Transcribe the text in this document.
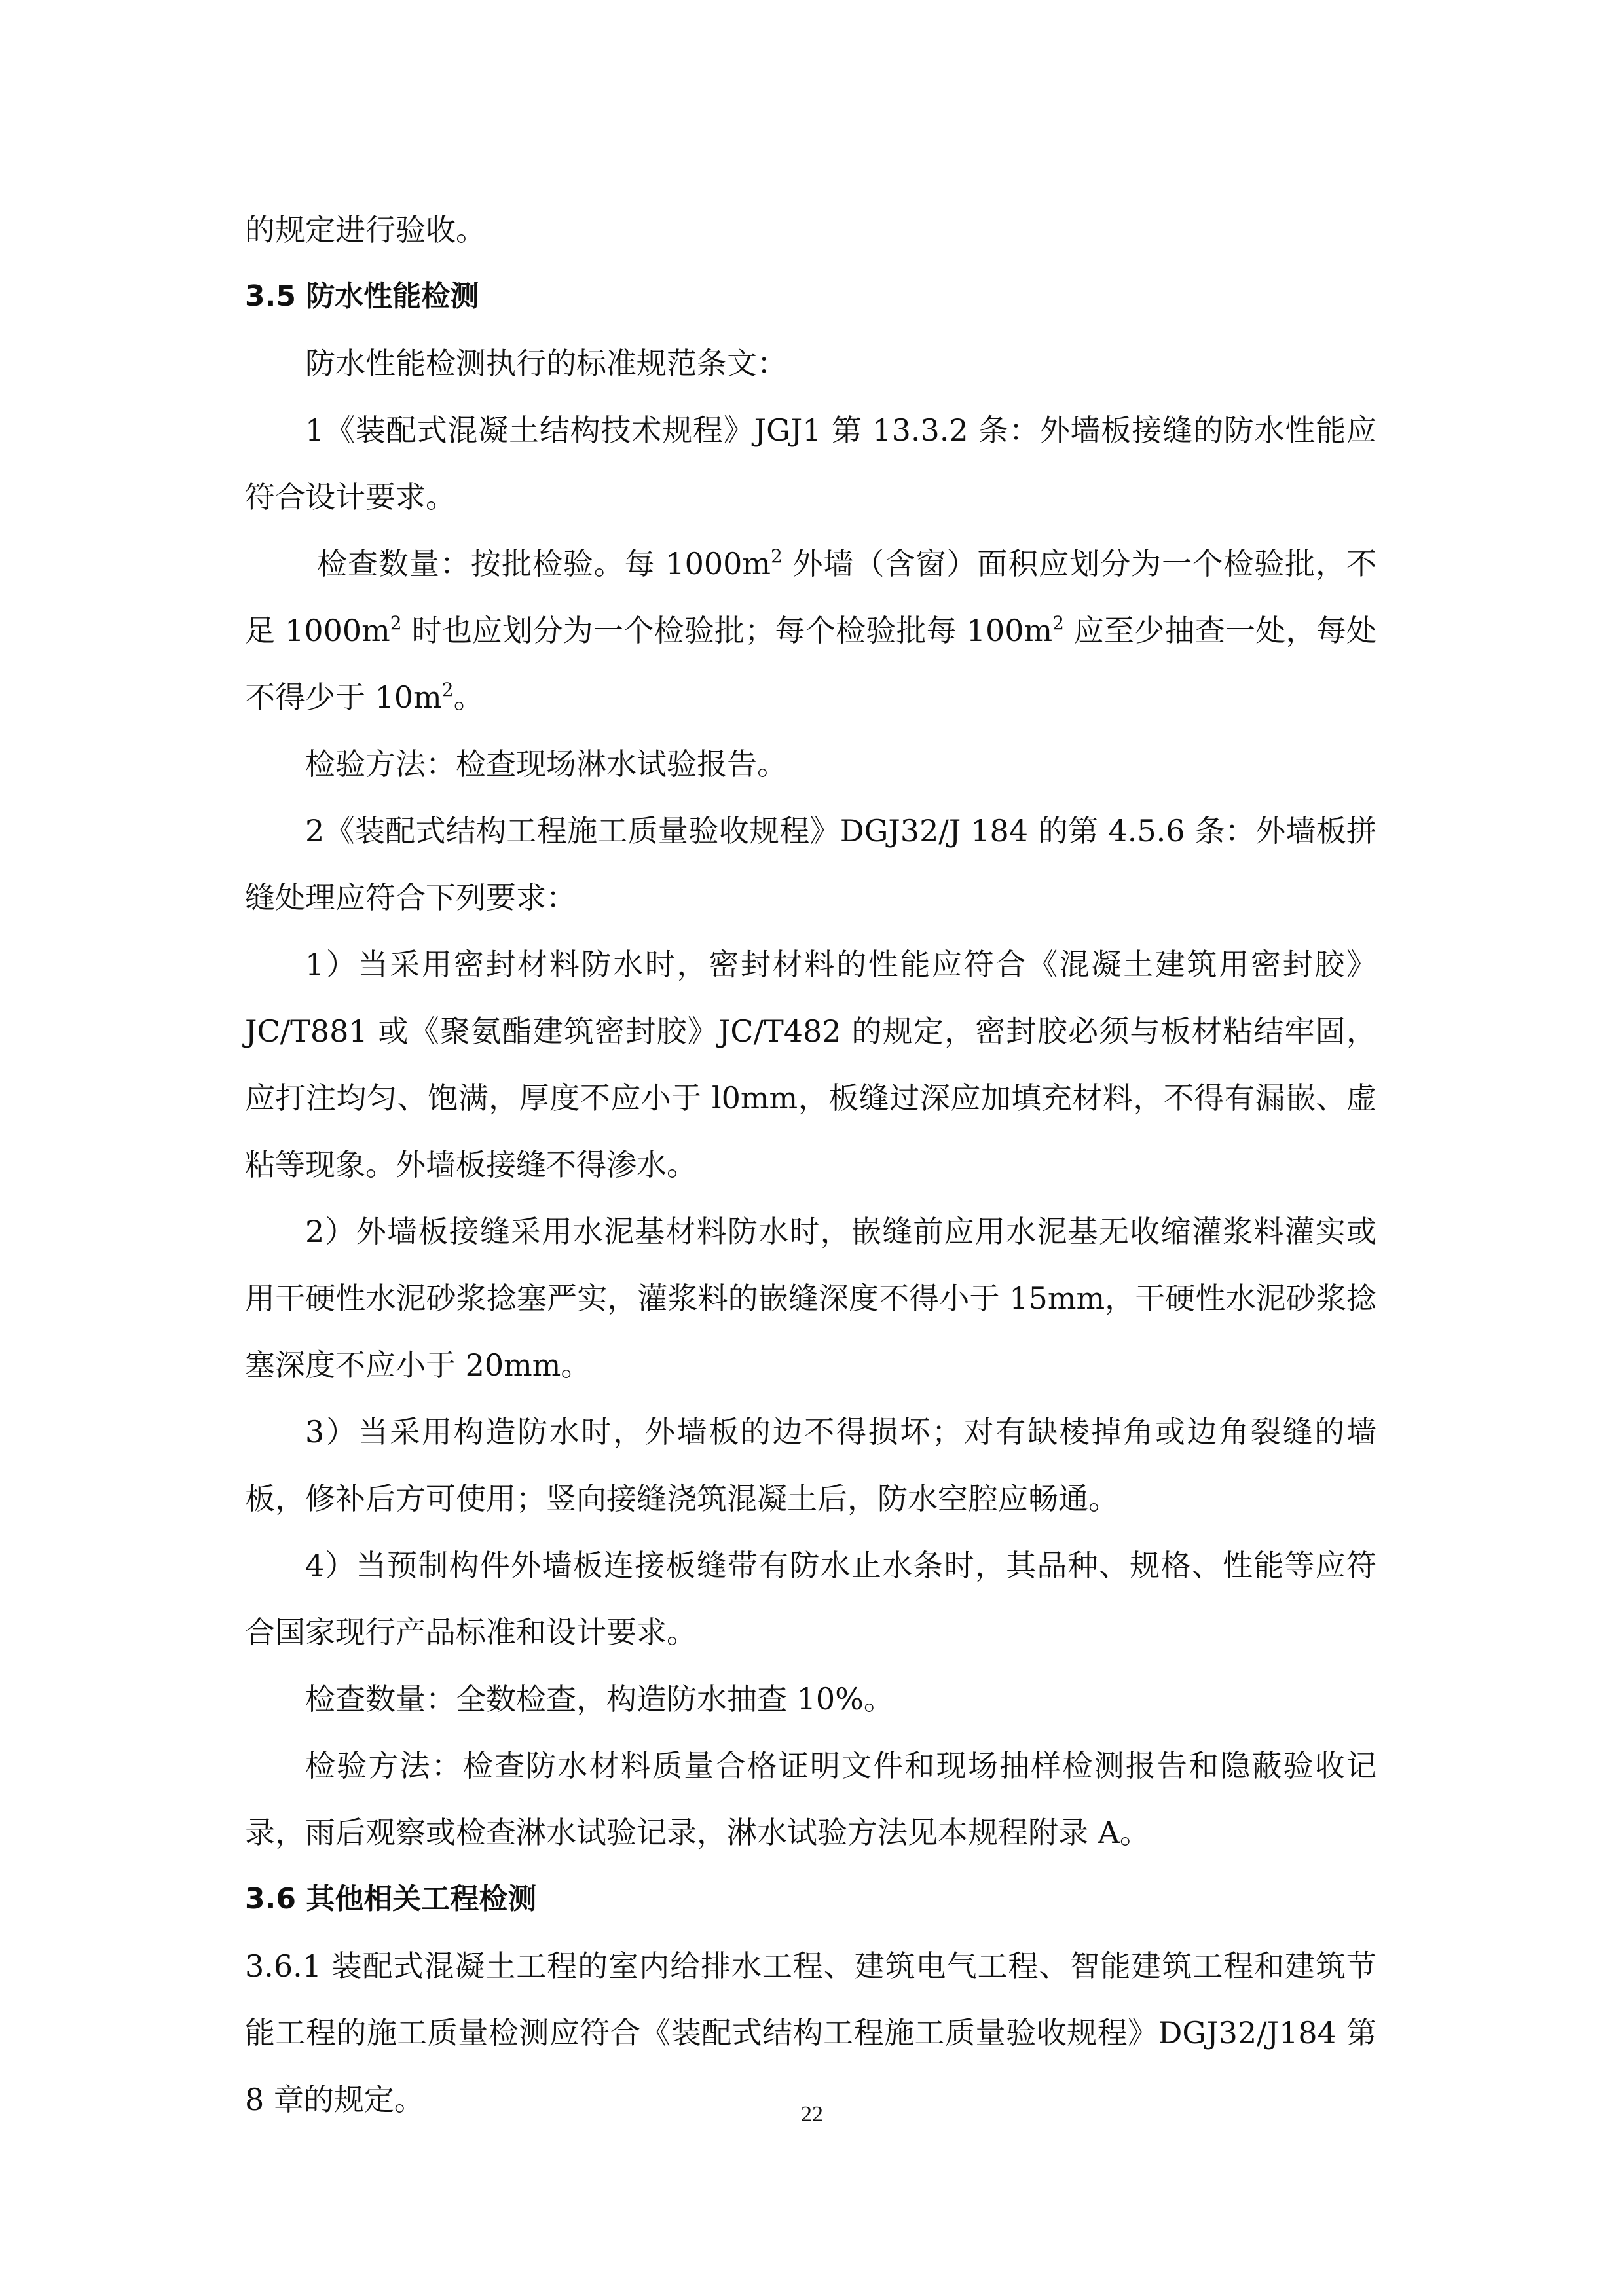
的规定进行验收。

3.5 防水性能检测

防水性能检测执行的标准规范条文：

1《装配式混凝土结构技术规程》JGJ1 第 13.3.2 条：外墙板接缝的防水性能应符合设计要求。

检查数量：按批检验。每 $1000m^2$ 外墙（含窗）面积应划分为一个检验批，不足 $1000m^2$ 时也应划分为一个检验批；每个检验批每 $100m^2$ 应至少抽查一处，每处不得少于 $10m^2$。

检验方法：检查现场淋水试验报告。

2《装配式结构工程施工质量验收规程》DGJ32/J 184 的第 4.5.6 条：外墙板拼缝处理应符合下列要求：

1）当采用密封材料防水时，密封材料的性能应符合《混凝土建筑用密封胶》JC/T881 或《聚氨酯建筑密封胶》JC/T482 的规定，密封胶必须与板材粘结牢固，应打注均匀、饱满，厚度不应小于 l0mm，板缝过深应加填充材料，不得有漏嵌、虚粘等现象。外墙板接缝不得渗水。

2）外墙板接缝采用水泥基材料防水时，嵌缝前应用水泥基无收缩灌浆料灌实或用干硬性水泥砂浆捻塞严实，灌浆料的嵌缝深度不得小于 15mm，干硬性水泥砂浆捻塞深度不应小于 20mm。

3）当采用构造防水时，外墙板的边不得损坏；对有缺棱掉角或边角裂缝的墙板，修补后方可使用；竖向接缝浇筑混凝土后，防水空腔应畅通。

4）当预制构件外墙板连接板缝带有防水止水条时，其品种、规格、性能等应符合国家现行产品标准和设计要求。

检查数量：全数检查，构造防水抽查 10%。

检验方法：检查防水材料质量合格证明文件和现场抽样检测报告和隐蔽验收记录，雨后观察或检查淋水试验记录，淋水试验方法见本规程附录 A。

3.6 其他相关工程检测

3.6.1 装配式混凝土工程的室内给排水工程、建筑电气工程、智能建筑工程和建筑节能工程的施工质量检测应符合《装配式结构工程施工质量验收规程》DGJ32/J184 第 8 章的规定。	22
